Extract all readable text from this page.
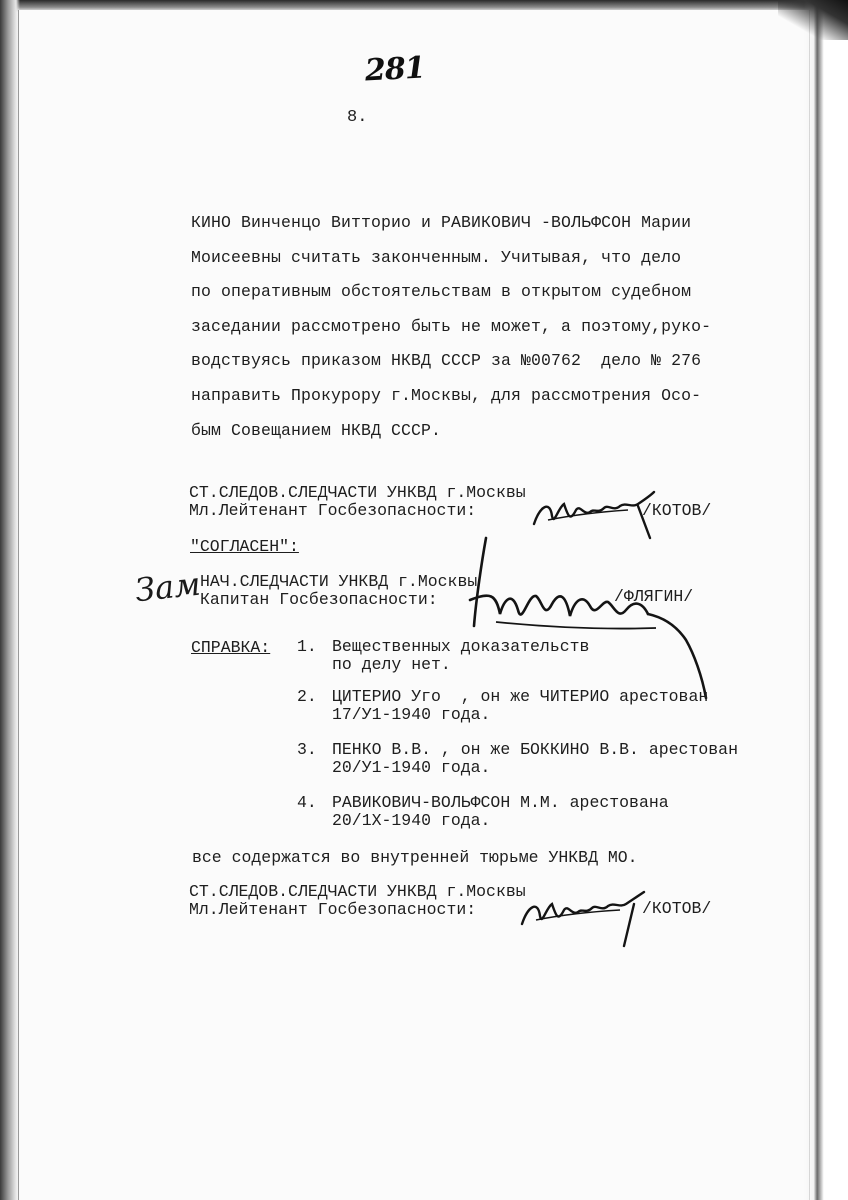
281
8.
КИНО Винченцо Витторио и РАВИКОВИЧ -ВОЛЬФСОН Марии
Моисеевны считать законченным. Учитывая, что дело
по оперативным обстоятельствам в открытом судебном
заседании рассмотрено быть не может, а поэтому,руко-
водствуясь приказом НКВД СССР за №00762  дело № 276
направить Прокурору г.Москвы, для рассмотрения Осо-
бым Совещанием НКВД СССР.
СТ.СЛЕДОВ.СЛЕДЧАСТИ УНКВД г.Москвы
Мл.Лейтенант Госбезопасности:	/КОТОВ/
"СОГЛАСЕН":
НАЧ.СЛЕДЧАСТИ УНКВД г.Москвы
Капитан Госбезопасности:	/ФЛЯГИН/
Зам
СПРАВКА: 1. Вещественных доказательств
по делу нет.
2. ЦИТЕРИО Уго  , он же ЧИТЕРИО арестован
17/У1-1940 года.
3. ПЕНКО В.В. , он же БОККИНО В.В. арестован
20/У1-1940 года.
4. РАВИКОВИЧ-ВОЛЬФСОН М.М. арестована
20/1Х-1940 года.
все содержатся во внутренней тюрьме УНКВД МО.
СТ.СЛЕДОВ.СЛЕДЧАСТИ УНКВД г.Москвы
Мл.Лейтенант Госбезопасности:	/КОТОВ/
